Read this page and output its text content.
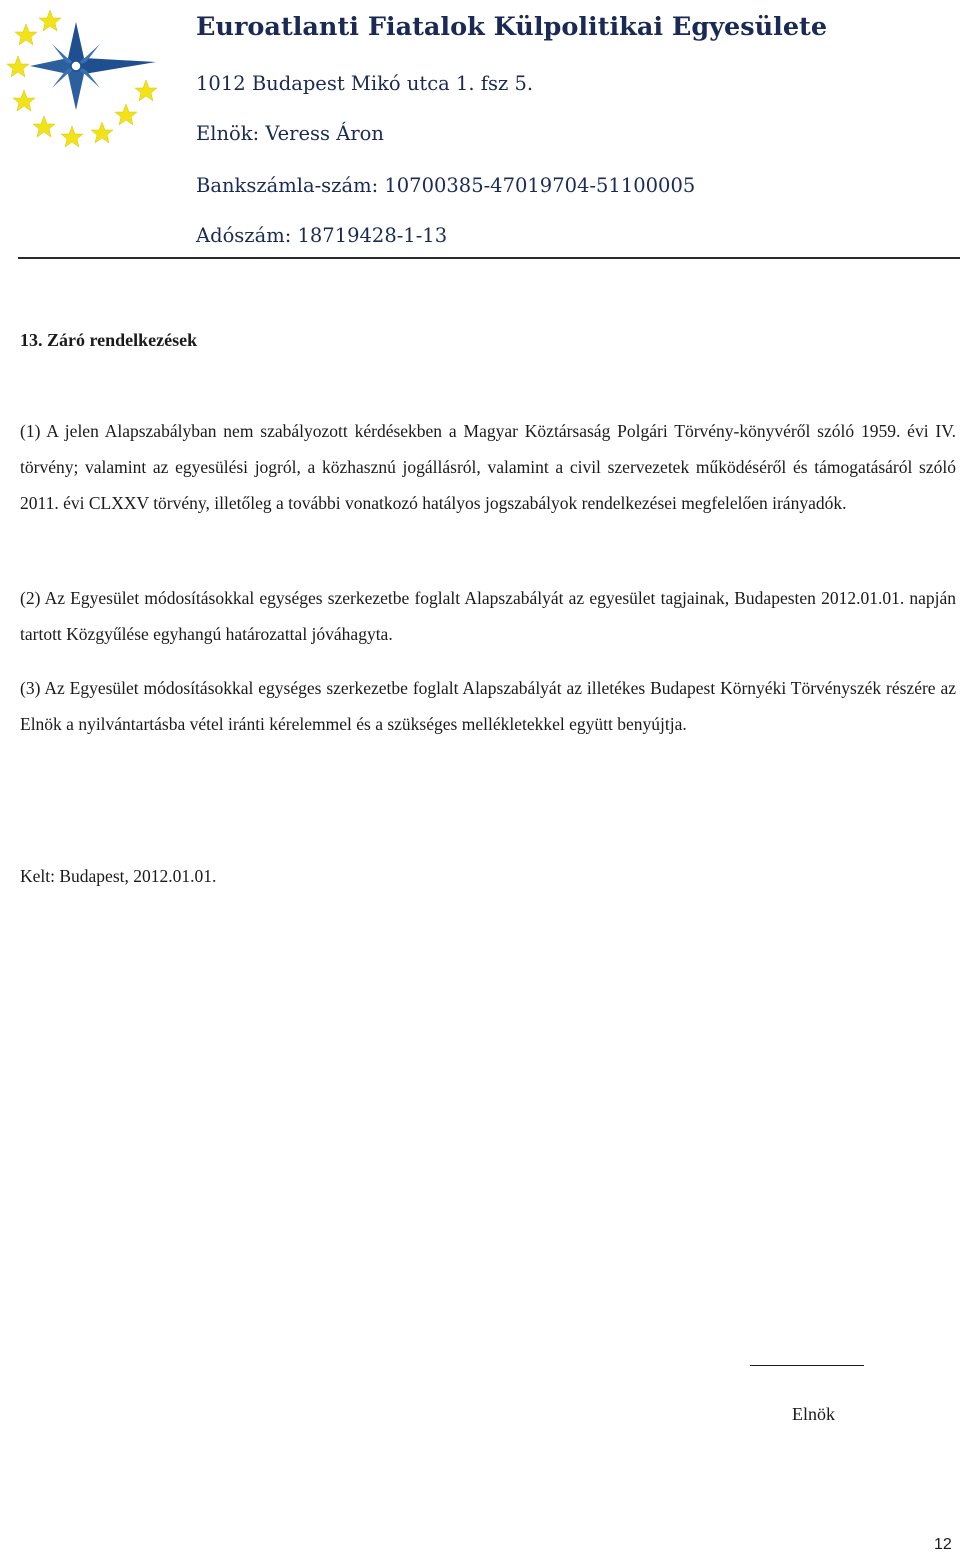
Euroatlanti Fiatalok Külpolitikai Egyesülete

1012 Budapest Mikó utca 1. fsz 5.

Elnök: Veress Áron

Bankszámla-szám: 10700385-47019704-51100005

Adószám: 18719428-1-13

13. Záró rendelkezések

(1) A jelen Alapszabályban nem szabályozott kérdésekben a Magyar Köztársaság Polgári Törvény-könyvéről szóló 1959. évi IV. törvény; valamint az egyesülési jogról, a közhasznú jogállásról, valamint a civil szervezetek működéséről és támogatásáról szóló 2011. évi CLXXV törvény, illetőleg a további vonatkozó hatályos jogszabályok rendelkezései megfelelően irányadók.

(2) Az Egyesület módosításokkal egységes szerkezetbe foglalt Alapszabályát az egyesület tagjainak, Budapesten 2012.01.01. napján tartott Közgyűlése egyhangú határozattal jóváhagyta.

(3) Az Egyesület módosításokkal egységes szerkezetbe foglalt Alapszabályát az illetékes Budapest Környéki Törvényszék részére az Elnök a nyilvántartásba vétel iránti kérelemmel és a szükséges mellékletekkel együtt benyújtja.

Kelt: Budapest, 2012.01.01.

Elnök
12
